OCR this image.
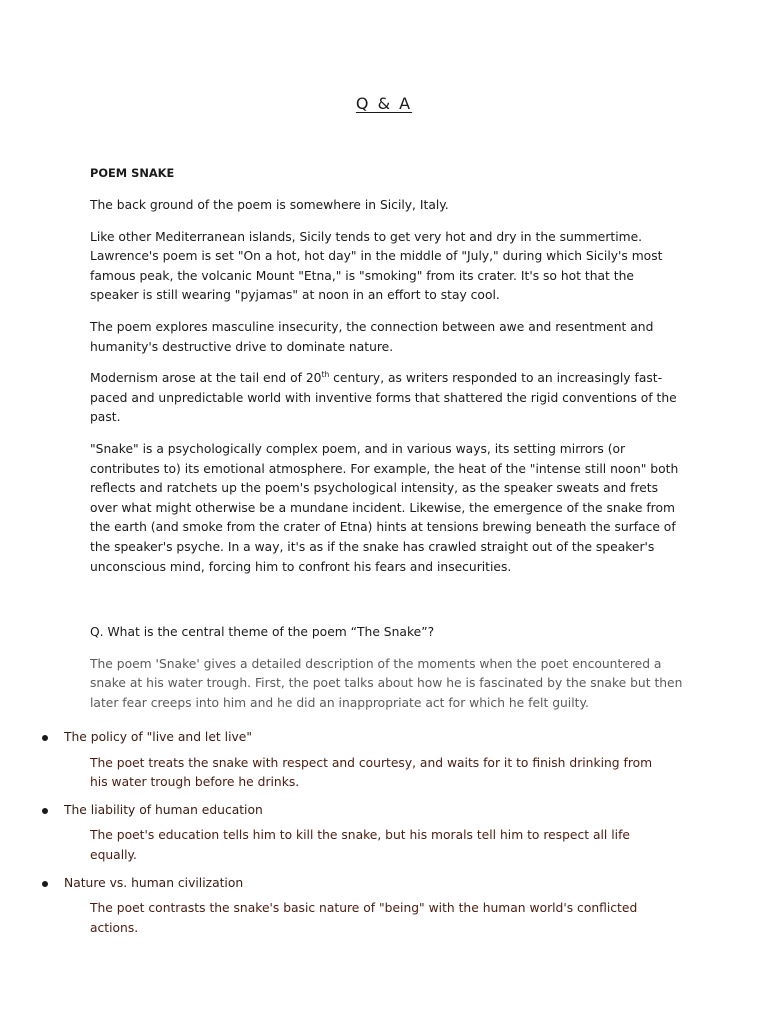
Q & A
POEM SNAKE

The back ground of the poem is somewhere in Sicily, Italy.

Like other Mediterranean islands, Sicily tends to get very hot and dry in the summertime. Lawrence's poem is set "On a hot, hot day" in the middle of "July," during which Sicily's most famous peak, the volcanic Mount "Etna," is "smoking" from its crater. It's so hot that the speaker is still wearing "pyjamas" at noon in an effort to stay cool.

The poem explores masculine insecurity, the connection between awe and resentment and humanity's destructive drive to dominate nature.

Modernism arose at the tail end of 20th century, as writers responded to an increasingly fast-paced and unpredictable world with inventive forms that shattered the rigid conventions of the past.

"Snake" is a psychologically complex poem, and in various ways, its setting mirrors (or contributes to) its emotional atmosphere. For example, the heat of the "intense still noon" both reflects and ratchets up the poem's psychological intensity, as the speaker sweats and frets over what might otherwise be a mundane incident. Likewise, the emergence of the snake from the earth (and smoke from the crater of Etna) hints at tensions brewing beneath the surface of the speaker's psyche. In a way, it's as if the snake has crawled straight out of the speaker's unconscious mind, forcing him to confront his fears and insecurities.

Q. What is the central theme of the poem “The Snake”?

The poem 'Snake' gives a detailed description of the moments when the poet encountered a snake at his water trough. First, the poet talks about how he is fascinated by the snake but then later fear creeps into him and he did an inappropriate act for which he felt guilty.

The policy of "live and let live"
The poet treats the snake with respect and courtesy, and waits for it to finish drinking from his water trough before he drinks.
The liability of human education
The poet's education tells him to kill the snake, but his morals tell him to respect all life equally.
Nature vs. human civilization
The poet contrasts the snake's basic nature of "being" with the human world's conflicted actions.
